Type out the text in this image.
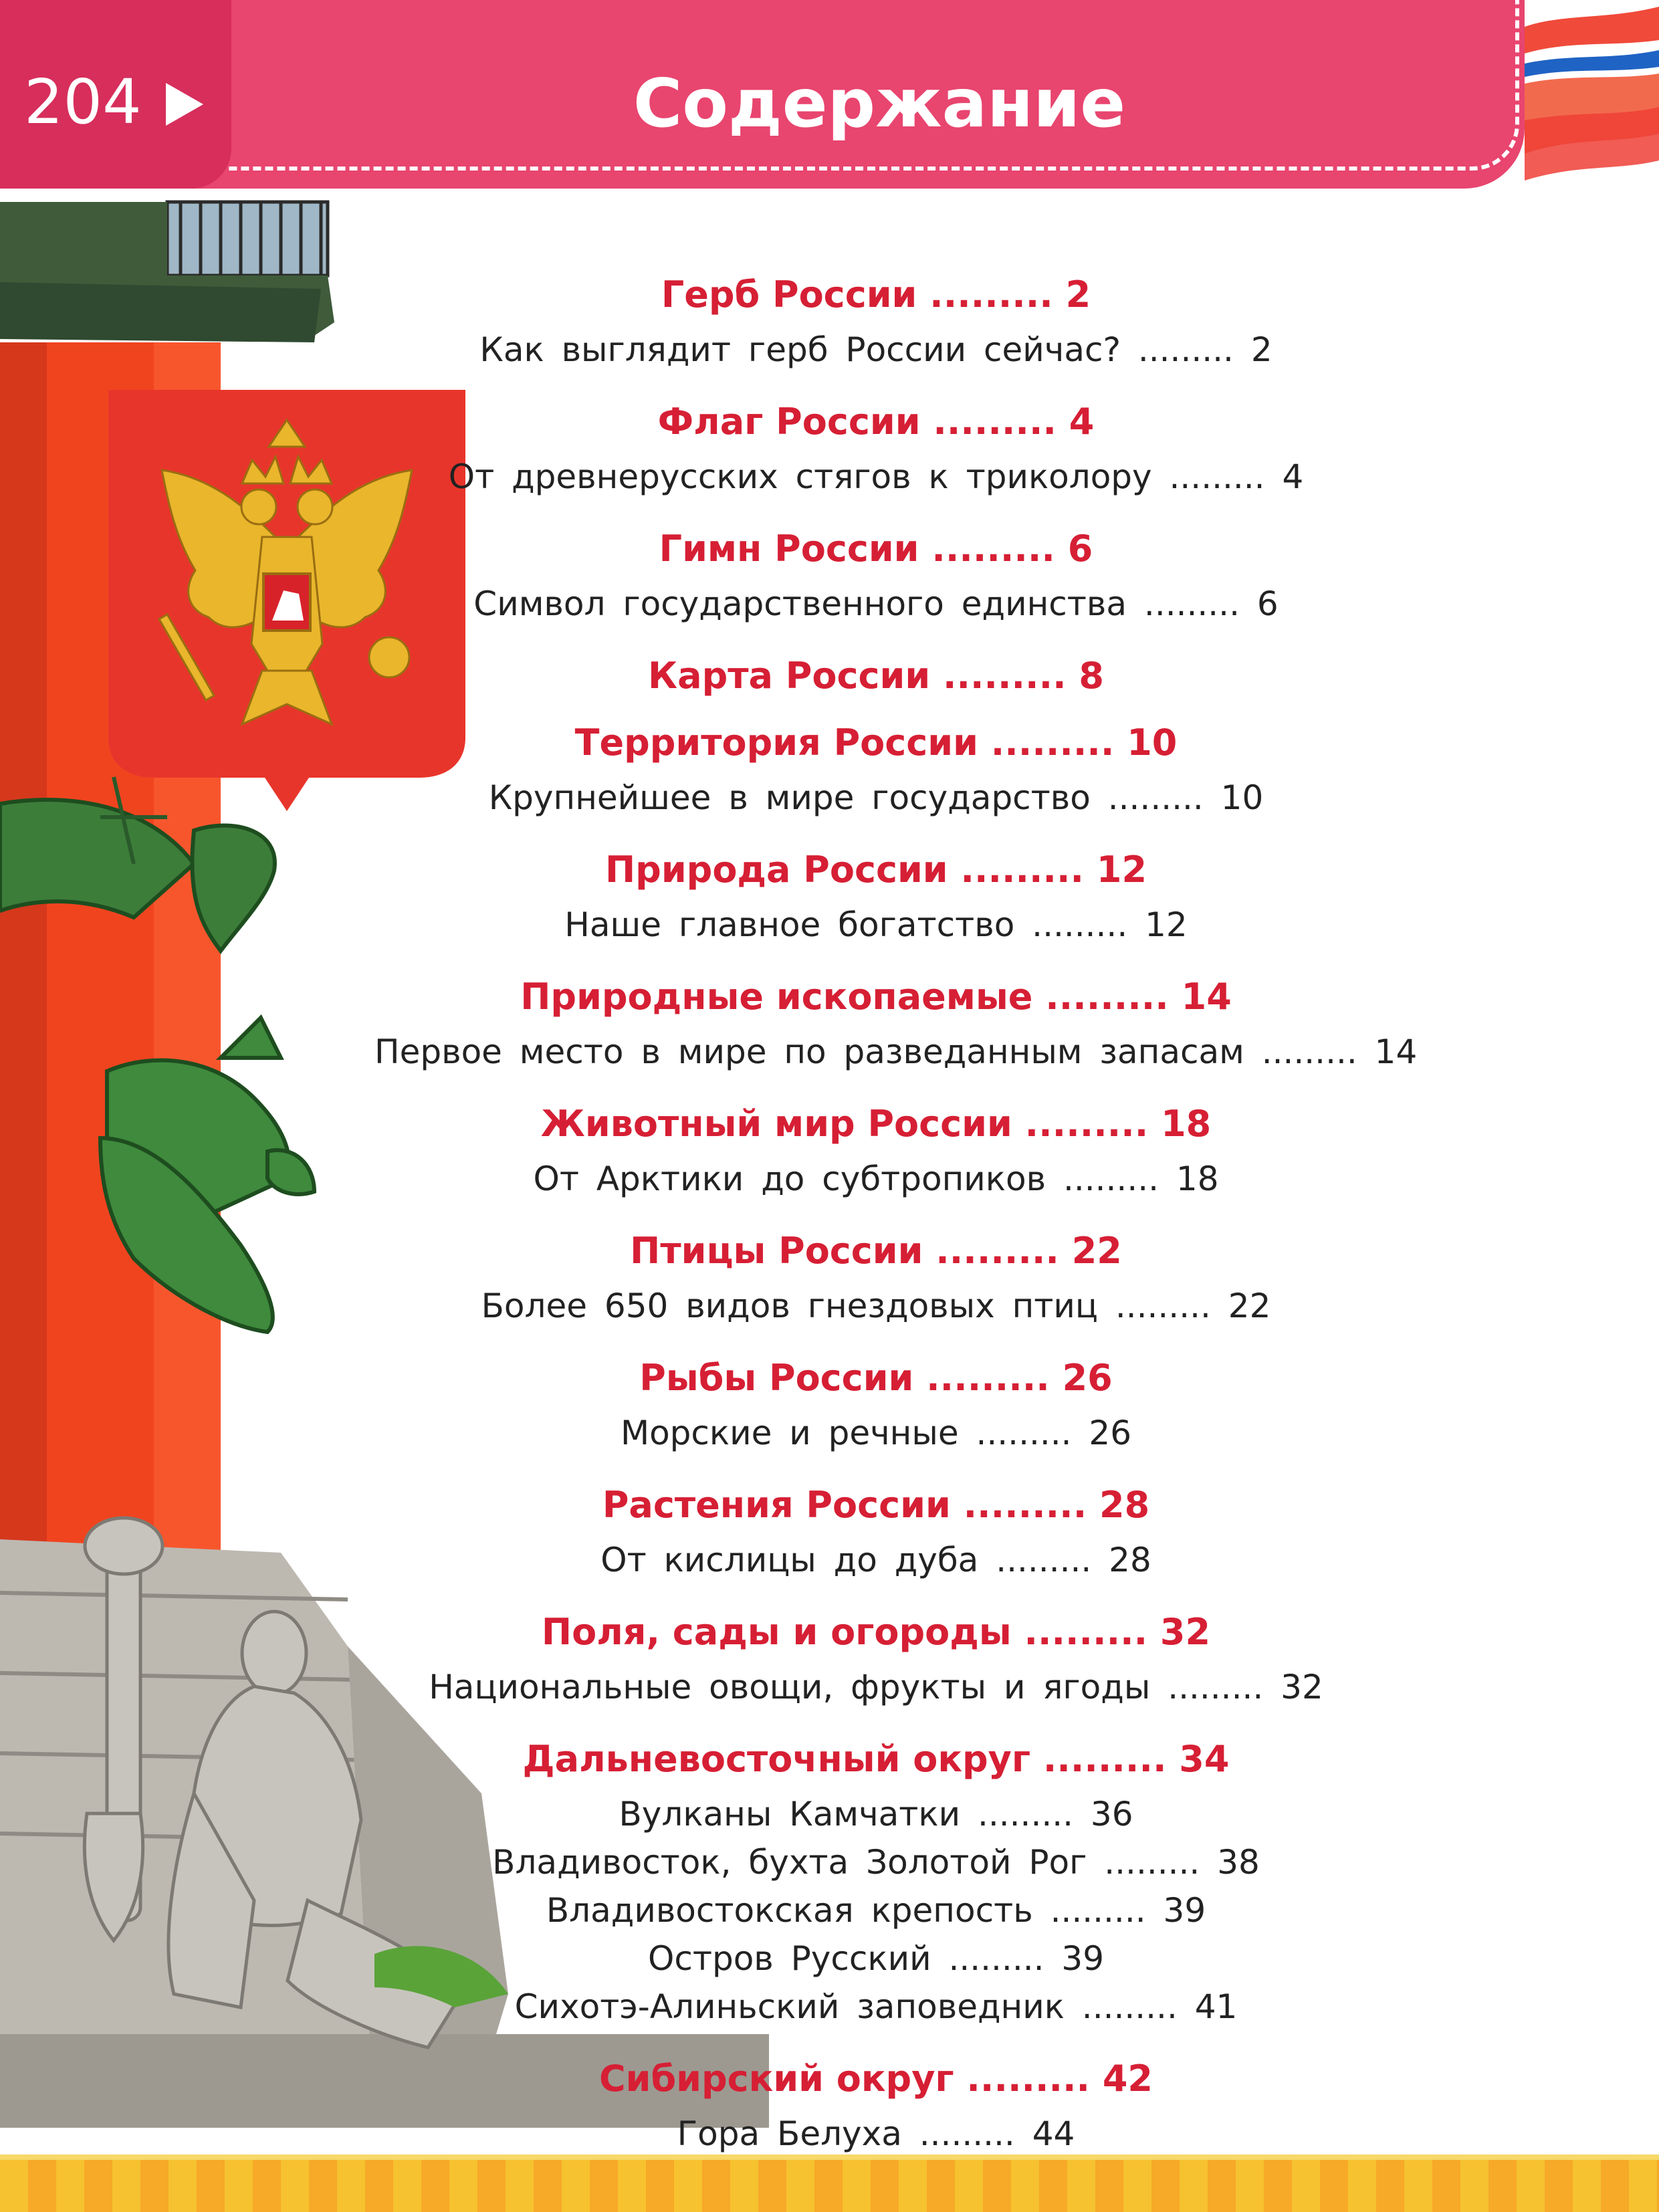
204	Содержание
Герб России ......... 2
Как выглядит герб России сейчас? ......... 2
Флаг России ......... 4
От древнерусских стягов к триколору ......... 4
Гимн России ......... 6
Символ государственного единства ......... 6
Карта России ......... 8
Территория России ......... 10
Крупнейшее в мире государство ......... 10
Природа России ......... 12
Наше главное богатство ......... 12
Природные ископаемые ......... 14
Первое место в мире по разведанным запасам ......... 14
Животный мир России ......... 18
От Арктики до субтропиков ......... 18
Птицы России ......... 22
Более 650 видов гнездовых птиц ......... 22
Рыбы России ......... 26
Морские и речные ......... 26
Растения России ......... 28
От кислицы до дуба ......... 28
Поля, сады и огороды ......... 32
Национальные овощи, фрукты и ягоды ......... 32
Дальневосточный округ ......... 34
Вулканы Камчатки ......... 36
Владивосток, бухта Золотой Рог ......... 38
Владивостокская крепость ......... 39
Остров Русский ......... 39
Сихотэ-Алиньский заповедник ......... 41
Сибирский округ ......... 42
Гора Белуха ......... 44
